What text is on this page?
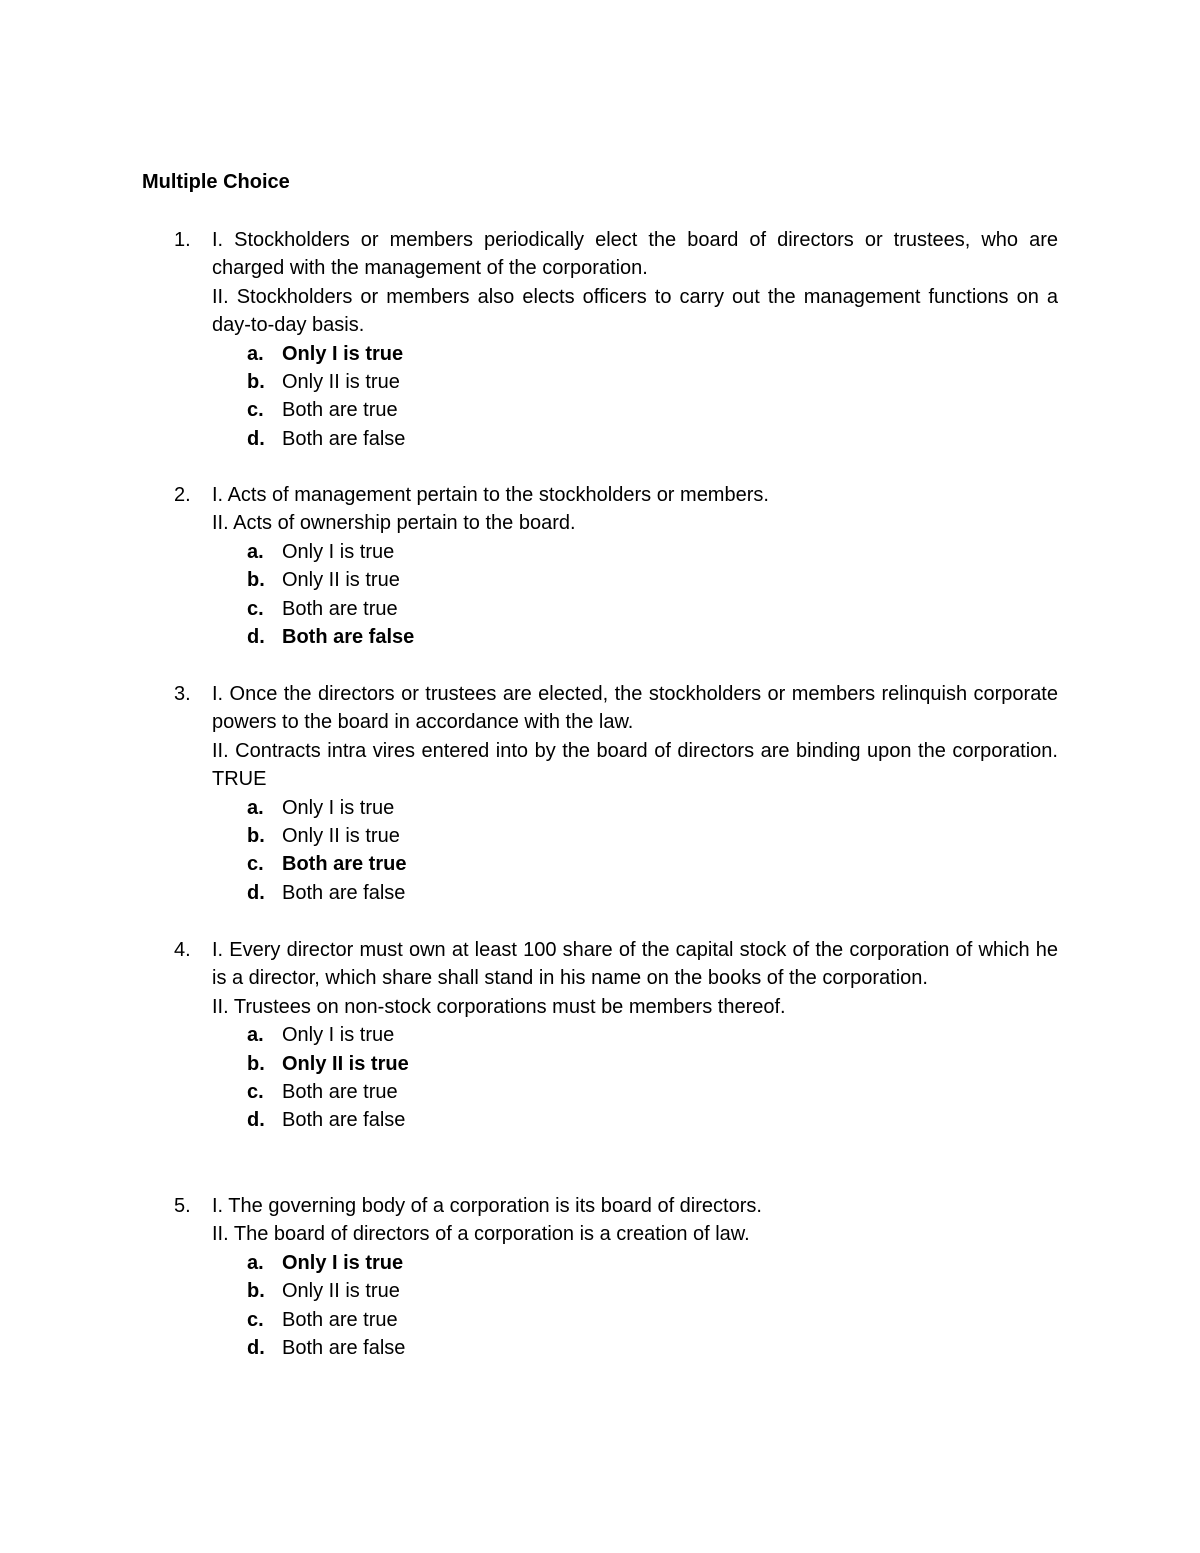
Multiple Choice
1.	I. Stockholders or members periodically elect the board of directors or trustees, who are charged with the management of the corporation.

II. Stockholders or members also elects officers to carry out the management functions on a day-to-day basis.

a. Only I is true
b. Only II is true
c. Both are true
d. Both are false
2.	I. Acts of management pertain to the stockholders or members.

II. Acts of ownership pertain to the board.

a. Only I is true
b. Only II is true
c. Both are true
d. Both are false
3.	I. Once the directors or trustees are elected, the stockholders or members relinquish corporate powers to the board in accordance with the law.

II. Contracts intra vires entered into by the board of directors are binding upon the corporation. TRUE

a. Only I is true
b. Only II is true
c. Both are true
d. Both are false
4.	I. Every director must own at least 100 share of the capital stock of the corporation of which he is a director, which share shall stand in his name on the books of the corporation.

II. Trustees on non-stock corporations must be members thereof.

a. Only I is true
b. Only II is true
c. Both are true
d. Both are false
5.	I. The governing body of a corporation is its board of directors.

II. The board of directors of a corporation is a creation of law.

a. Only I is true
b. Only II is true
c. Both are true
d. Both are false
